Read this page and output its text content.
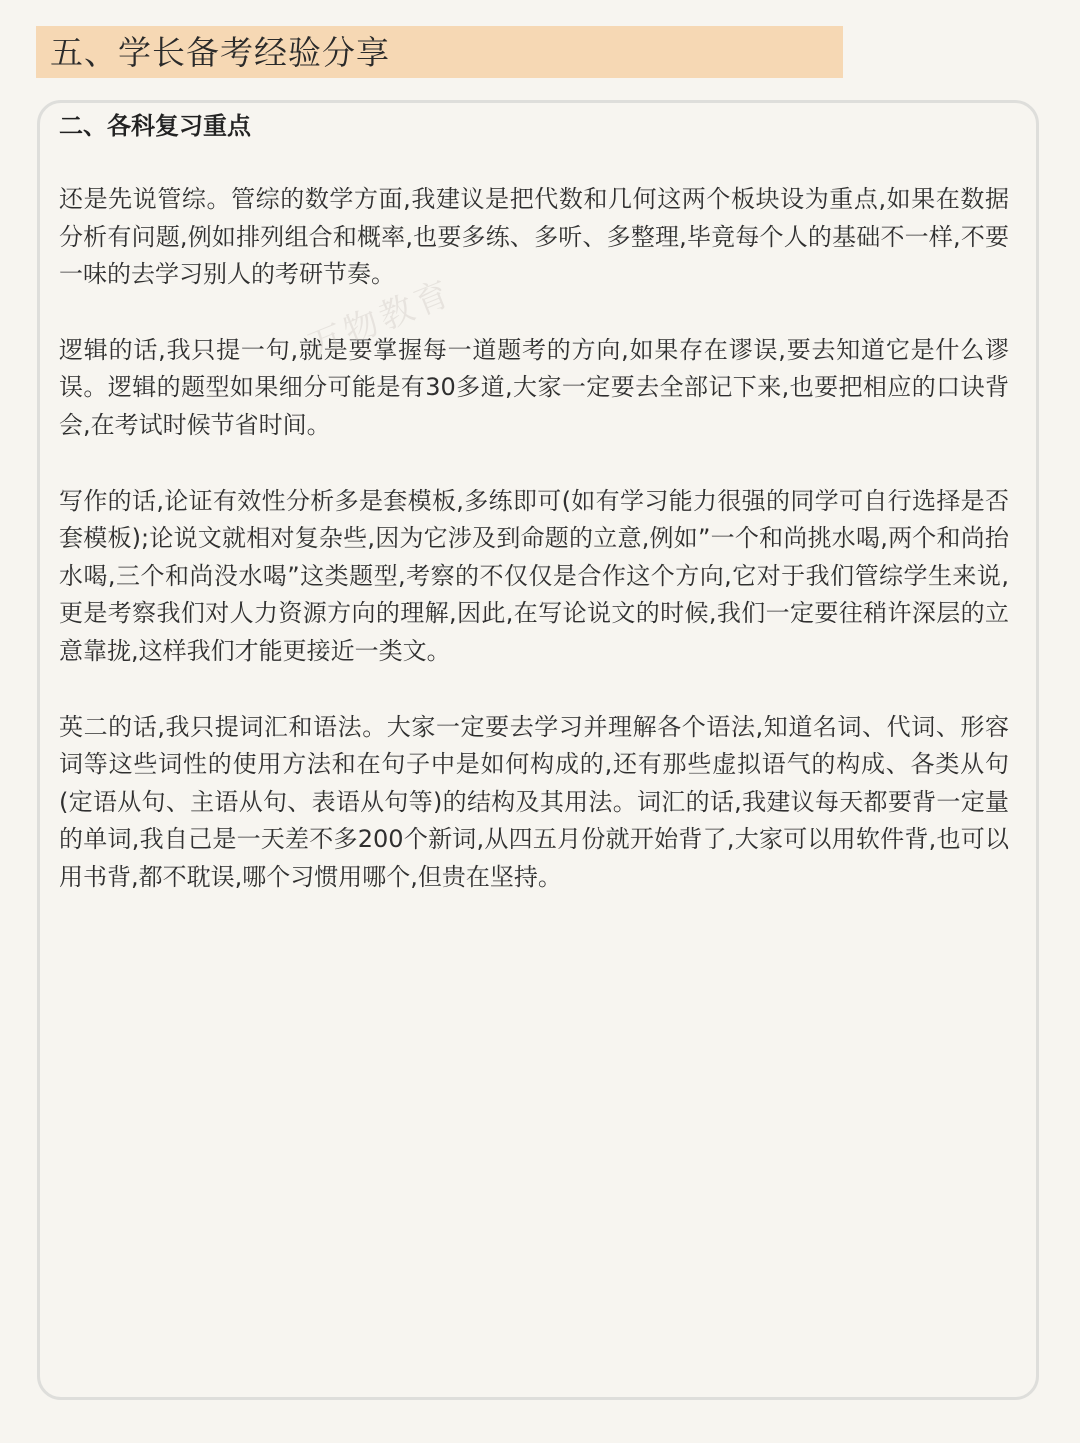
五、学长备考经验分享
二、各科复习重点

还是先说管综。管综的数学方面,我建议是把代数和几何这两个板块设为重点,如果在数据分析有问题,例如排列组合和概率,也要多练、多听、多整理,毕竟每个人的基础不一样,不要一味的去学习别人的考研节奏。

逻辑的话,我只提一句,就是要掌握每一道题考的方向,如果存在谬误,要去知道它是什么谬误。逻辑的题型如果细分可能是有30多道,大家一定要去全部记下来,也要把相应的口诀背会,在考试时候节省时间。

写作的话,论证有效性分析多是套模板,多练即可(如有学习能力很强的同学可自行选择是否套模板);论说文就相对复杂些,因为它涉及到命题的立意,例如”一个和尚挑水喝,两个和尚抬水喝,三个和尚没水喝”这类题型,考察的不仅仅是合作这个方向,它对于我们管综学生来说,更是考察我们对人力资源方向的理解,因此,在写论说文的时候,我们一定要往稍许深层的立意靠拢,这样我们才能更接近一类文。

英二的话,我只提词汇和语法。大家一定要去学习并理解各个语法,知道名词、代词、形容词等这些词性的使用方法和在句子中是如何构成的,还有那些虚拟语气的构成、各类从句(定语从句、主语从句、表语从句等)的结构及其用法。词汇的话,我建议每天都要背一定量的单词,我自己是一天差不多200个新词,从四五月份就开始背了,大家可以用软件背,也可以用书背,都不耽误,哪个习惯用哪个,但贵在坚持。

万物教育
